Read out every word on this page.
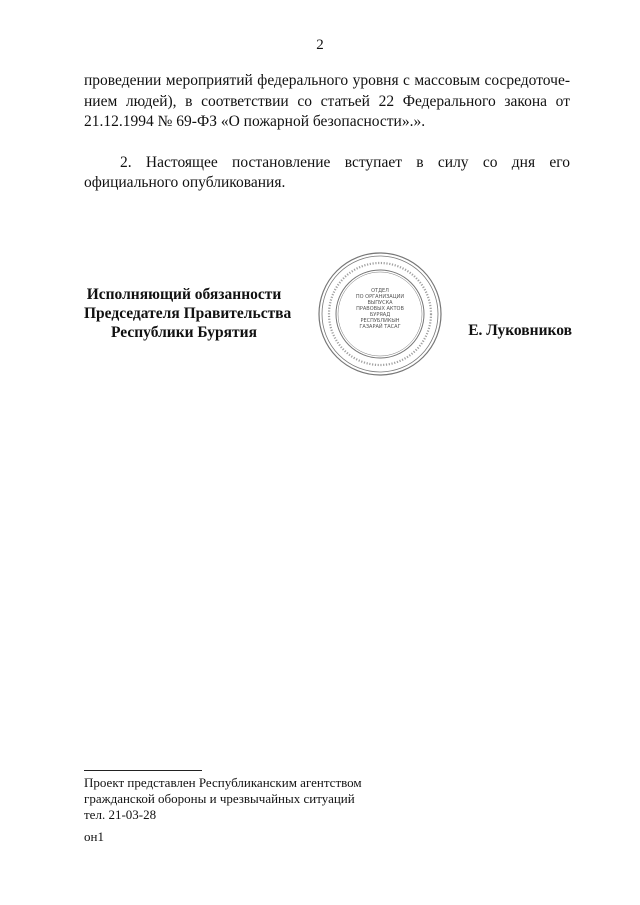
2

проведении мероприятий федерального уровня с массовым сосредоточением людей), в соответствии со статьей 22 Федерального закона от 21.12.1994 № 69-ФЗ «О пожарной безопасности».».

2. Настоящее постановление вступает в силу со дня его официального опубликования.

Исполняющий обязанности
Председателя Правительства
Республики Бурятия
ОТДЕЛ
ПО ОРГАНИЗАЦИИ
ВЫПУСКА
ПРАВОВЫХ АКТОВ
БУРЯАД
РЕСПУБЛИКЫН
ГАЗАРАЙ ТАСАГ	Е. Луковников
Проект представлен Республиканским агентством
гражданской обороны и чрезвычайных ситуаций
тел. 21-03-28
он1
